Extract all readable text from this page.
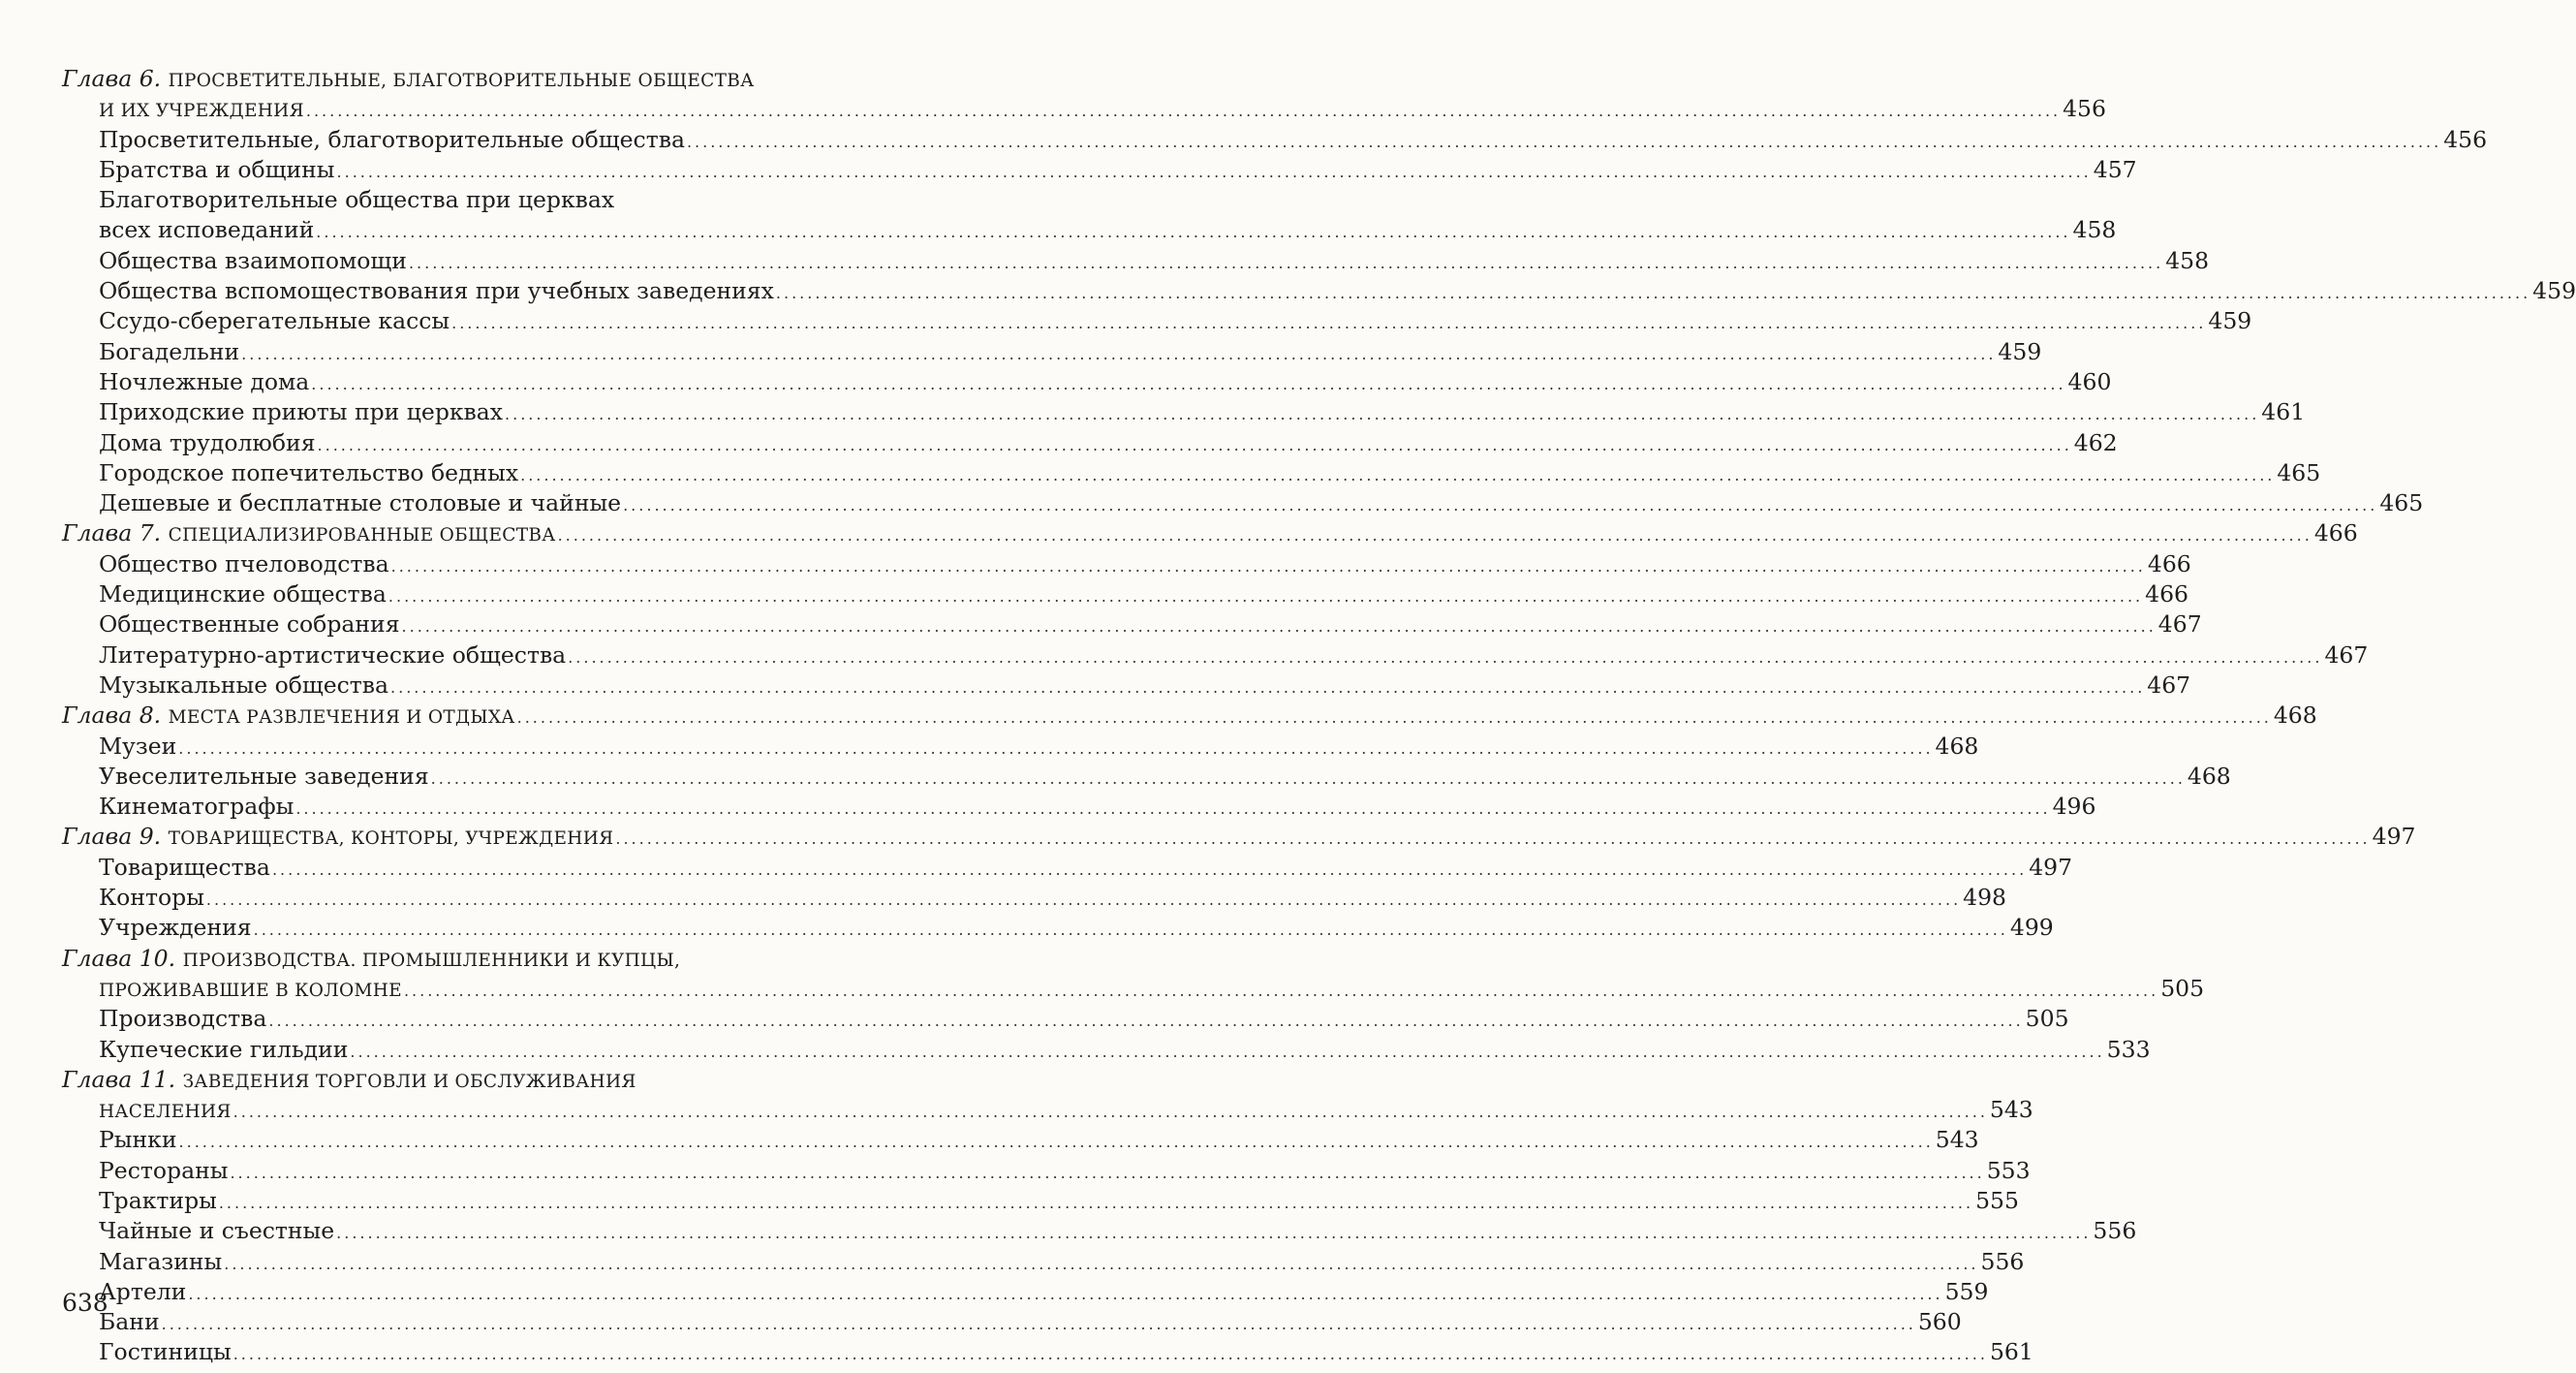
Глава 6. ПРОСВЕТИТЕЛЬНЫЕ, БЛАГОТВОРИТЕЛЬНЫЕ ОБЩЕСТВА
И ИХ УЧРЕЖДЕНИЯ .....	456
Просветительные, благотворительные общества .....	456
Братства и общины .....	457
Благотворительные общества при церквах
всех исповеданий .....	458
Общества взаимопомощи .....	458
Общества вспомоществования при учебных заведениях .....	459
Ссудо-сберегательные кассы .....	459
Богадельни .....	459
Ночлежные дома .....	460
Приходские приюты при церквах .....	461
Дома трудолюбия .....	462
Городское попечительство бедных .....	465
Дешевые и бесплатные столовые и чайные .....	465
Глава 7. СПЕЦИАЛИЗИРОВАННЫЕ ОБЩЕСТВА .....	466
Общество пчеловодства .....	466
Медицинские общества .....	466
Общественные собрания .....	467
Литературно-артистические общества .....	467
Музыкальные общества .....	467
Глава 8. МЕСТА РАЗВЛЕЧЕНИЯ И ОТДЫХА .....	468
Музеи .....	468
Увеселительные заведения .....	468
Кинематографы .....	496
Глава 9. ТОВАРИЩЕСТВА, КОНТОРЫ, УЧРЕЖДЕНИЯ .....	497
Товарищества .....	497
Конторы .....	498
Учреждения .....	499
Глава 10. ПРОИЗВОДСТВА. ПРОМЫШЛЕННИКИ И КУПЦЫ,
ПРОЖИВАВШИЕ В КОЛОМНЕ .....	505
Производства .....	505
Купеческие гильдии .....	533
Глава 11. ЗАВЕДЕНИЯ ТОРГОВЛИ И ОБСЛУЖИВАНИЯ
НАСЕЛЕНИЯ .....	543
Рынки .....	543
Рестораны .....	553
Трактиры .....	555
Чайные и съестные .....	556
Магазины .....	556
Артели .....	559
Бани .....	560
Гостиницы .....	561
638
